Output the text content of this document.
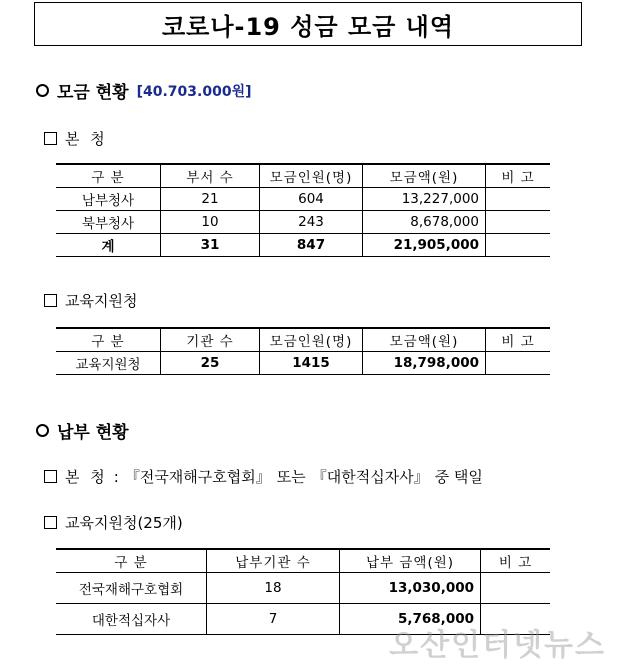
코로나-19 성금 모금 내역
모금 현황 [40.703.000원]
본 청
구 분	부서 수	모금인원(명)	모금액(원)	비 고
남부청사	21	604	13,227,000	
북부청사	10	243	8,678,000	
계	31	847	21,905,000	
교육지원청
구 분	기관 수	모금인원(명)	모금액(원)	비 고
교육지원청	25	1415	18,798,000	
납부 현황
본 청 : 『전국재해구호협회』 또는 『대한적십자사』 중 택일
교육지원청(25개)
구 분	납부기관 수	납부 금액(원)	비 고
전국재해구호협회	18	13,030,000	
대한적십자사	7	5,768,000	
오산인터넷뉴스
